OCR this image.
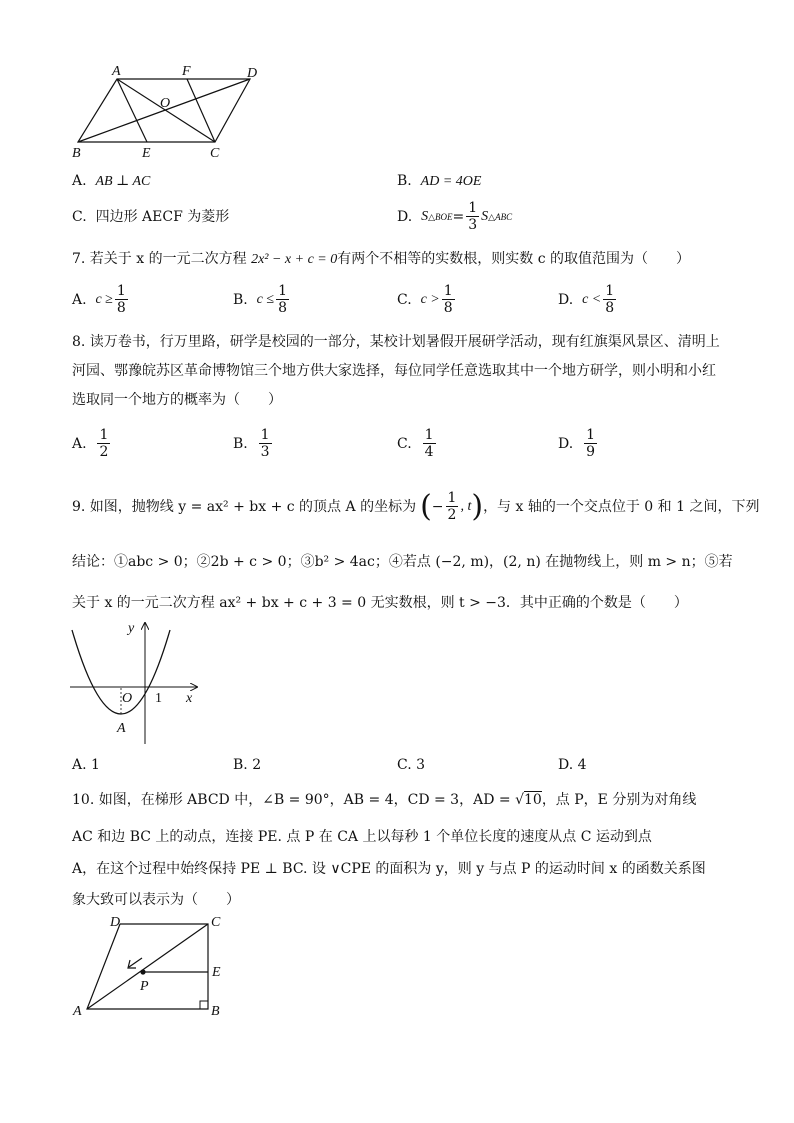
A	F	D
O
B	E	C
A. AB ⊥ AC	B. AD = 4OE
C. 四边形 AECF 为菱形	D.
S △BOE = $\frac{1}{3}$ S △ABC
7. 若关于 x 的一元二次方程 2x² − x + c = 0有两个不相等的实数根，则实数 c 的取值范围为（　　）
A.
$c \ge \frac{1}{8}$	B.
$c \le \frac{1}{8}$	C.
$c > \frac{1}{8}$	D.
$c < \frac{1}{8}$
8. 读万卷书，行万里路，研学是校园的一部分，某校计划暑假开展研学活动，现有红旗渠风景区、清明上
河园、鄂豫皖苏区革命博物馆三个地方供大家选择，每位同学任意选取其中一个地方研学，则小明和小红
选取同一个地方的概率为（　　）
A.
$\frac{1}{2}$	B.
$\frac{1}{3}$	C.
$\frac{1}{4}$	D.
$\frac{1}{9}$
9. 如图，抛物线 y = ax² + bx + c 的顶点 A 的坐标为 ( − $\frac{1}{2}$ , t ) ，与 x 轴的一个交点位于 0 和 1 之间，下列
结论：①abc > 0；②2b + c > 0；③b² > 4ac；④若点 (−2, m)，(2, n) 在抛物线上，则 m > n；⑤若
关于 x 的一元二次方程 ax² + bx + c + 3 = 0 无实数根，则 t > −3．其中正确的个数是（　　）
y
x
O 1
A
A. 1	B. 2	C. 3	D. 4
10. 如图，在梯形 ABCD 中，∠B = 90°，AB = 4，CD = 3，AD = √10，点 P，E 分别为对角线
AC 和边 BC 上的动点，连接 PE. 点 P 在 CA 上以每秒 1 个单位长度的速度从点 C 运动到点
A，在这个过程中始终保持 PE ⊥ BC. 设 ∨CPE 的面积为 y，则 y 与点 P 的运动时间 x 的函数关系图
象大致可以表示为（　　）
D	C
E
P
A	B
